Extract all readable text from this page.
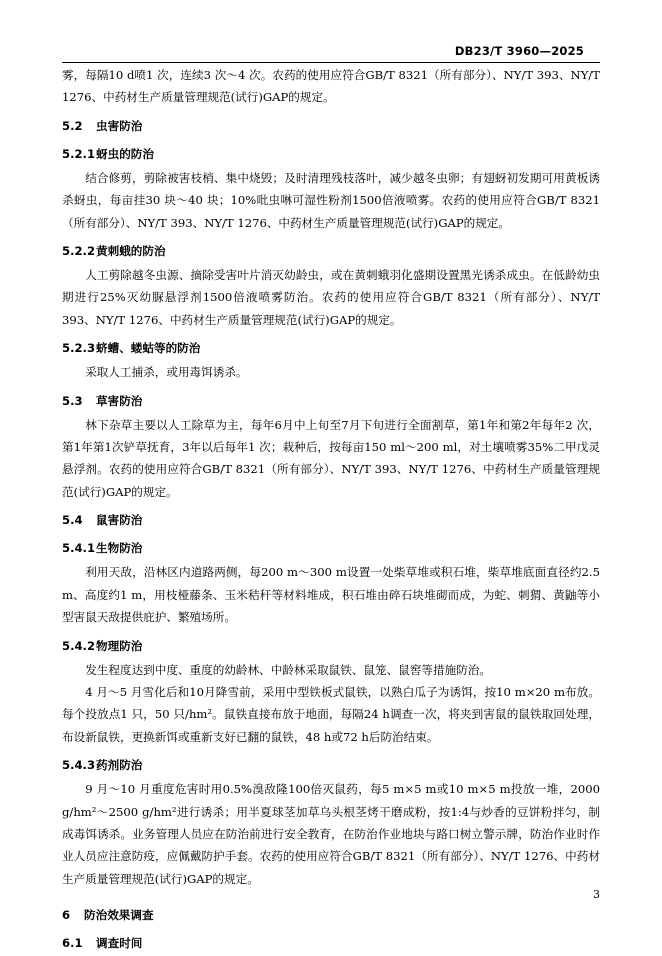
DB23/T 3960—2025

雾，每隔10 d喷1 次，连续3 次～4 次。农药的使用应符合GB/T 8321（所有部分）、NY/T 393、NY/T 1276、中药材生产质量管理规范(试行)GAP的规定。

5.2 虫害防治
5.2.1蚜虫的防治

结合修剪，剪除被害枝梢、集中烧毁；及时清理残枝落叶，减少越冬虫卵；有翅蚜初发期可用黄板诱杀蚜虫，每亩挂30 块～40 块；10%吡虫啉可湿性粉剂1500倍液喷雾。农药的使用应符合GB/T 8321（所有部分）、NY/T 393、NY/T 1276、中药材生产质量管理规范(试行)GAP的规定。

5.2.2黄刺蛾的防治

人工剪除越冬虫源、摘除受害叶片消灭幼龄虫，或在黄刺蛾羽化盛期设置黑光诱杀成虫。在低龄幼虫期进行25%灭幼脲悬浮剂1500倍液喷雾防治。农药的使用应符合GB/T 8321（所有部分）、NY/T 393、NY/T 1276、中药材生产质量管理规范(试行)GAP的规定。

5.2.3蛴螬、蝼蛄等的防治

采取人工捕杀，或用毒饵诱杀。

5.3 草害防治

林下杂草主要以人工除草为主，每年6月中上旬至7月下旬进行全面割草，第1年和第2年每年2 次，第1年第1次铲草抚育，3年以后每年1 次；栽种后，按每亩150 ml～200 ml，对土壤喷雾35%二甲戊灵悬浮剂。农药的使用应符合GB/T 8321（所有部分）、NY/T 393、NY/T 1276、中药材生产质量管理规范(试行)GAP的规定。

5.4 鼠害防治
5.4.1生物防治

利用天敌，沿林区内道路两侧，每200 m～300 m设置一处柴草堆或积石堆，柴草堆底面直径约2.5 m、高度约1 m，用枝桠藤条、玉米秸秆等材料堆成，积石堆由碎石块堆砌而成，为蛇、刺猬、黄鼬等小型害鼠天敌提供庇护、繁殖场所。

5.4.2物理防治

发生程度达到中度、重度的幼龄林、中龄林采取鼠铁、鼠笼、鼠窖等措施防治。

4 月～5 月雪化后和10月降雪前，采用中型铁板式鼠铁，以熟白瓜子为诱饵，按10 m×20 m布放。每个投放点1 只，50 只/hm²。鼠铁直接布放于地面，每隔24 h调查一次，将夹到害鼠的鼠铁取回处理，布设新鼠铁，更换新饵或重新支好已翻的鼠铁，48 h或72 h后防治结束。

5.4.3药剂防治

9 月～10 月重度危害时用0.5%溴敌隆100倍灭鼠药，每5 m×5 m或10 m×5 m投放一堆，2000 g/hm²～2500 g/hm²进行诱杀；用半夏球茎加草乌头根茎烤干磨成粉，按1:4与炒香的豆饼粉拌匀，制成毒饵诱杀。业务管理人员应在防治前进行安全教育，在防治作业地块与路口树立警示牌，防治作业时作业人员应注意防疫，应佩戴防护手套。农药的使用应符合GB/T 8321（所有部分）、NY/T 1276、中药材生产质量管理规范(试行)GAP的规定。

6 防治效果调查
6.1 调查时间
3
